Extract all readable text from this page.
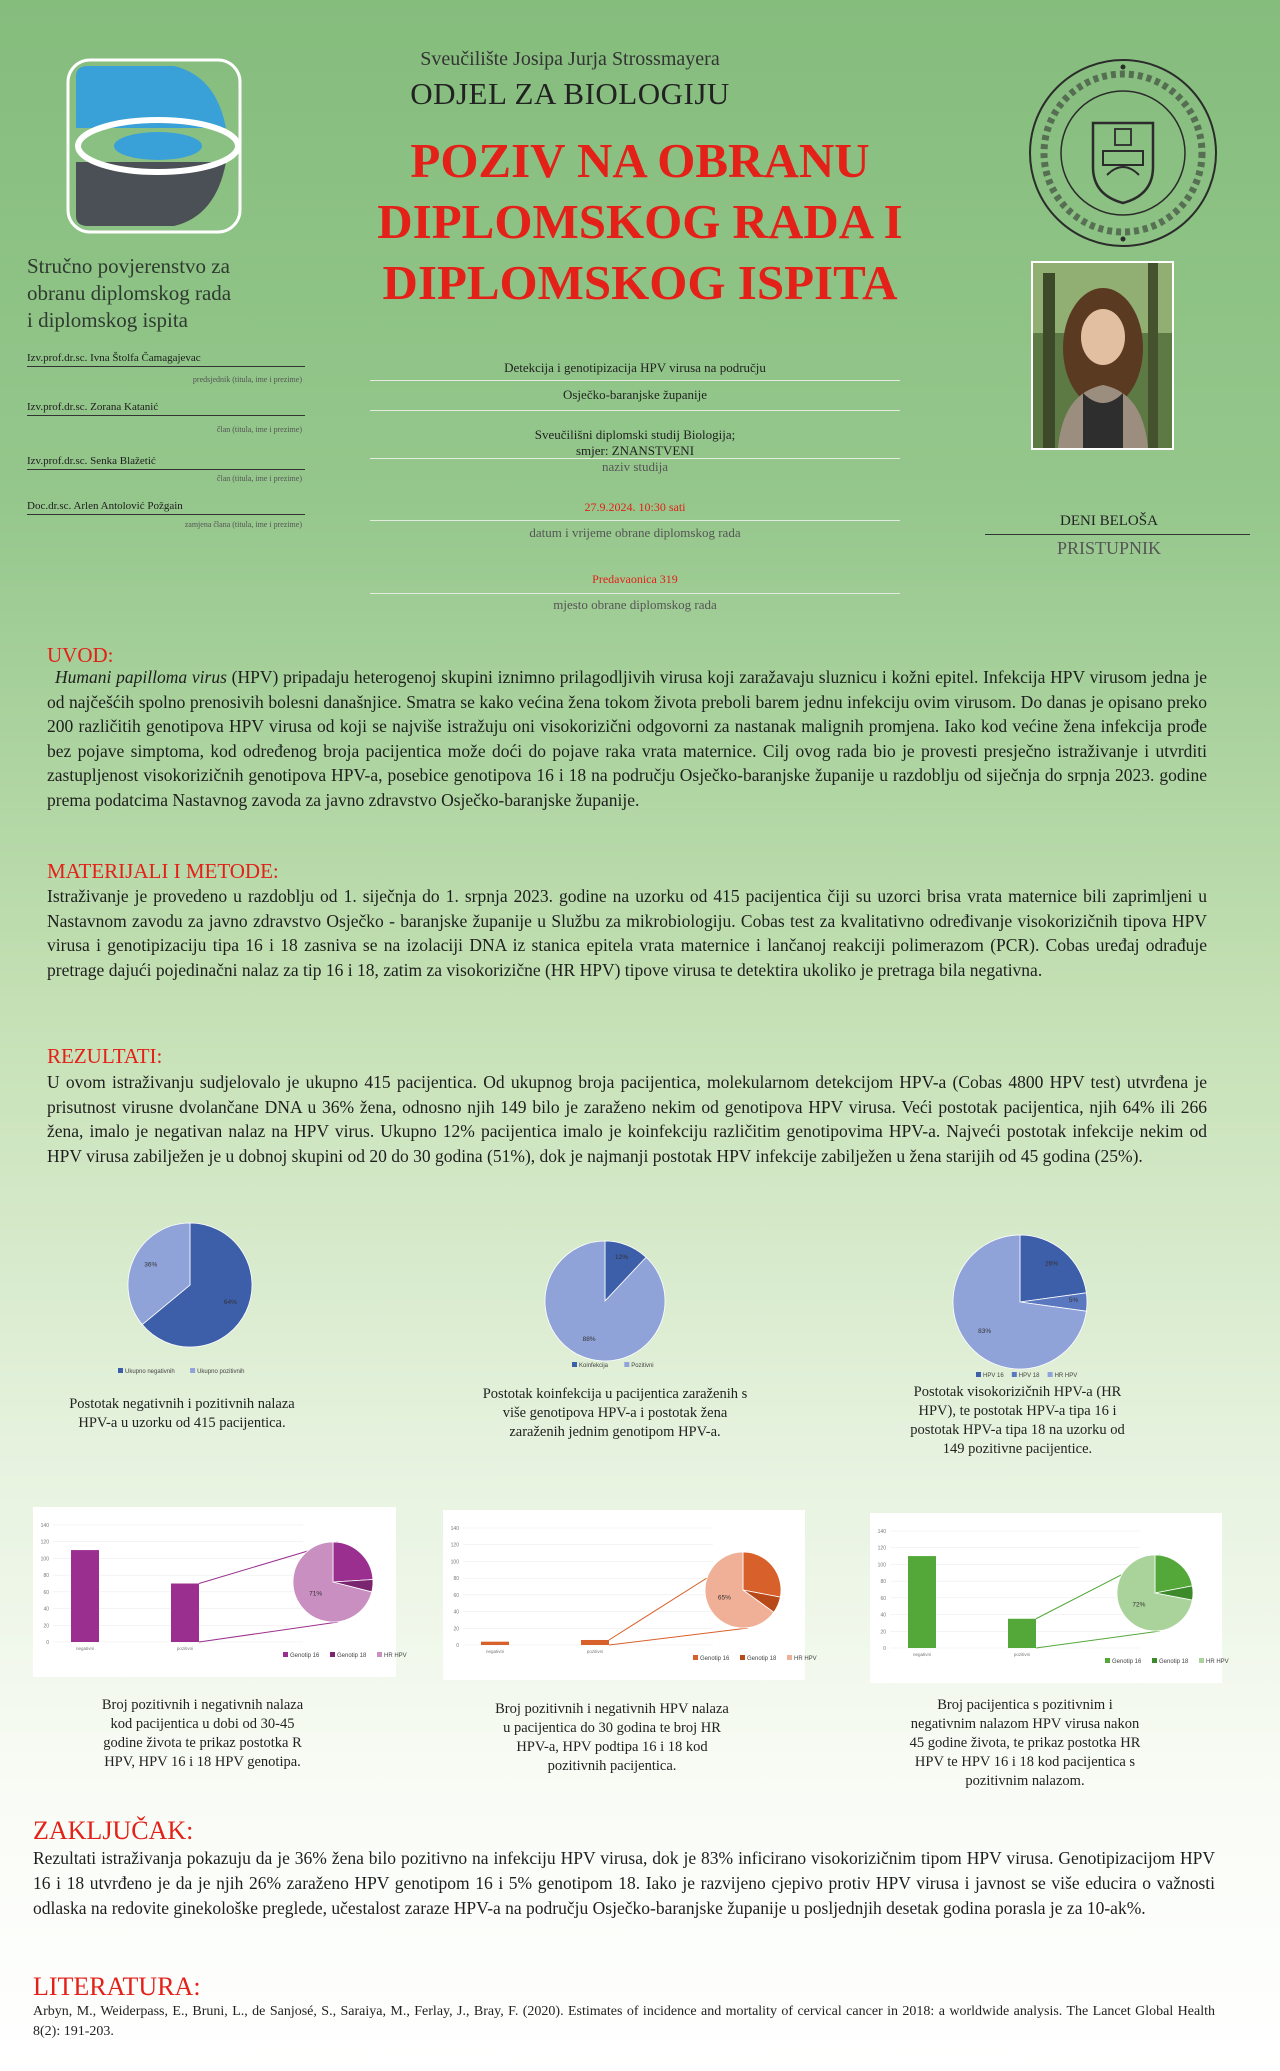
Stručno povjerenstvo za
obranu diplomskog rada
i diplomskog ispita
Izv.prof.dr.sc. Ivna Štolfa Čamagajevac
predsjednik (titula, ime i prezime)
Izv.prof.dr.sc. Zorana Katanić
član (titula, ime i prezime)
Izv.prof.dr.sc. Senka Blažetić
član (titula, ime i prezime)
Doc.dr.sc. Arlen Antolović Požgain
zamjena člana (titula, ime i prezime)
Sveučilište Josipa Jurja Strossmayera
ODJEL ZA BIOLOGIJU
POZIV NA OBRANU
DIPLOMSKOG RADA I
DIPLOMSKOG ISPITA
Detekcija i genotipizacija HPV virusa na području
Osječko-baranjske županije
Sveučilišni diplomski studij Biologija;
smjer: ZNANSTVENI
naziv studija
27.9.2024. 10:30 sati
datum i vrijeme obrane diplomskog rada
Predavaonica 319
mjesto obrane diplomskog rada
DENI BELOŠA
PRISTUPNIK
UVOD:
Humani papilloma virus (HPV) pripadaju heterogenoj skupini iznimno prilagodljivih virusa koji zaražavaju sluznicu i kožni epitel. Infekcija HPV virusom jedna je od najčešćih spolno prenosivih bolesni današnjice. Smatra se kako većina žena tokom života preboli barem jednu infekciju ovim virusom. Do danas je opisano preko 200 različitih genotipova HPV virusa od koji se najviše istražuju oni visokorizični odgovorni za nastanak malignih promjena. Iako kod većine žena infekcija prođe bez pojave simptoma, kod određenog broja pacijentica može doći do pojave raka vrata maternice. Cilj ovog rada bio je provesti presječno istraživanje i utvrditi zastupljenost visokorizičnih genotipova HPV-a, posebice genotipova 16 i 18 na području Osječko-baranjske županije u razdoblju od siječnja do srpnja 2023. godine prema podatcima Nastavnog zavoda za javno zdravstvo Osječko-baranjske županije.
MATERIJALI I METODE:
Istraživanje je provedeno u razdoblju od 1. siječnja do 1. srpnja 2023. godine na uzorku od 415 pacijentica čiji su uzorci brisa vrata maternice bili zaprimljeni u Nastavnom zavodu za javno zdravstvo Osječko - baranjske županije u Službu za mikrobiologiju. Cobas test za kvalitativno određivanje visokorizičnih tipova HPV virusa i genotipizaciju tipa 16 i 18 zasniva se na izolaciji DNA iz stanica epitela vrata maternice i lančanoj reakciji polimerazom (PCR). Cobas uređaj odrađuje pretrage dajući pojedinačni nalaz za tip 16 i 18, zatim za visokorizične (HR HPV) tipove virusa te detektira ukoliko je pretraga bila negativna.
REZULTATI:
U ovom istraživanju sudjelovalo je ukupno 415 pacijentica. Od ukupnog broja pacijentica, molekularnom detekcijom HPV-a (Cobas 4800 HPV test) utvrđena je prisutnost virusne dvolančane DNA u 36% žena, odnosno njih 149 bilo je zaraženo nekim od genotipova HPV virusa. Veći postotak pacijentica, njih 64% ili 266 žena, imalo je negativan nalaz na HPV virus. Ukupno 12% pacijentica imalo je koinfekciju različitim genotipovima HPV-a. Najveći postotak infekcije nekim od HPV virusa zabilježen je u dobnoj skupini od 20 do 30 godina (51%), dok je najmanji postotak HPV infekcije zabilježen u žena starijih od 45 godina (25%).
64%
36%
Ukupno negativnih	Ukupno pozitivnih
12%
88%
Koinfekcija	Pozitivni
26%
5%
83%
HPV 16	HPV 18	HR HPV
Postotak negativnih i pozitivnih nalaza HPV-a u uzorku od 415 pacijentica.
Postotak koinfekcija u pacijentica zaraženih s više genotipova HPV-a i postotak žena zaraženih jednim genotipom HPV-a.
Postotak visokorizičnih HPV-a (HR HPV), te postotak HPV-a tipa 16 i postotak HPV-a tipa 18 na uzorku od 149 pozitivne pacijentice.
0
20
40
60
80
100
120
140
negativni	pozitivni
71%
Genotip 16	Genotip 18	HR HPV
0
20
40
60
80
100
120
140
negativni	pozitivni
65%
Genotip 16	Genotip 18	HR HPV
0
20
40
60
80
100
120
140
negativni	pozitivni
72%
Genotip 16	Genotip 18	HR HPV
Broj pozitivnih i negativnih nalaza kod pacijentica u dobi od 30-45 godine života te prikaz postotka R HPV, HPV 16 i 18 HPV genotipa.
Broj pozitivnih i negativnih HPV nalaza u pacijentica do 30 godina te broj HR HPV-a, HPV podtipa 16 i 18 kod pozitivnih pacijentica.
Broj pacijentica s pozitivnim i negativnim nalazom HPV virusa nakon 45 godine života, te prikaz postotka HR HPV te HPV 16 i 18 kod pacijentica s pozitivnim nalazom.
ZAKLJUČAK:
Rezultati istraživanja pokazuju da je 36% žena bilo pozitivno na infekciju HPV virusa, dok je 83% inficirano visokorizičnim tipom HPV virusa. Genotipizacijom HPV 16 i 18 utvrđeno je da je njih 26% zaraženo HPV genotipom 16 i 5% genotipom 18. Iako je razvijeno cjepivo protiv HPV virusa i javnost se više educira o važnosti odlaska na redovite ginekološke preglede, učestalost zaraze HPV-a na području Osječko-baranjske županije u posljednjih desetak godina porasla je za 10-ak%.
LITERATURA:
Arbyn, M., Weiderpass, E., Bruni, L., de Sanjosé, S., Saraiya, M., Ferlay, J., Bray, F. (2020). Estimates of incidence and mortality of cervical cancer in 2018: a worldwide analysis. The Lancet Global Health 8(2): 191-203.
